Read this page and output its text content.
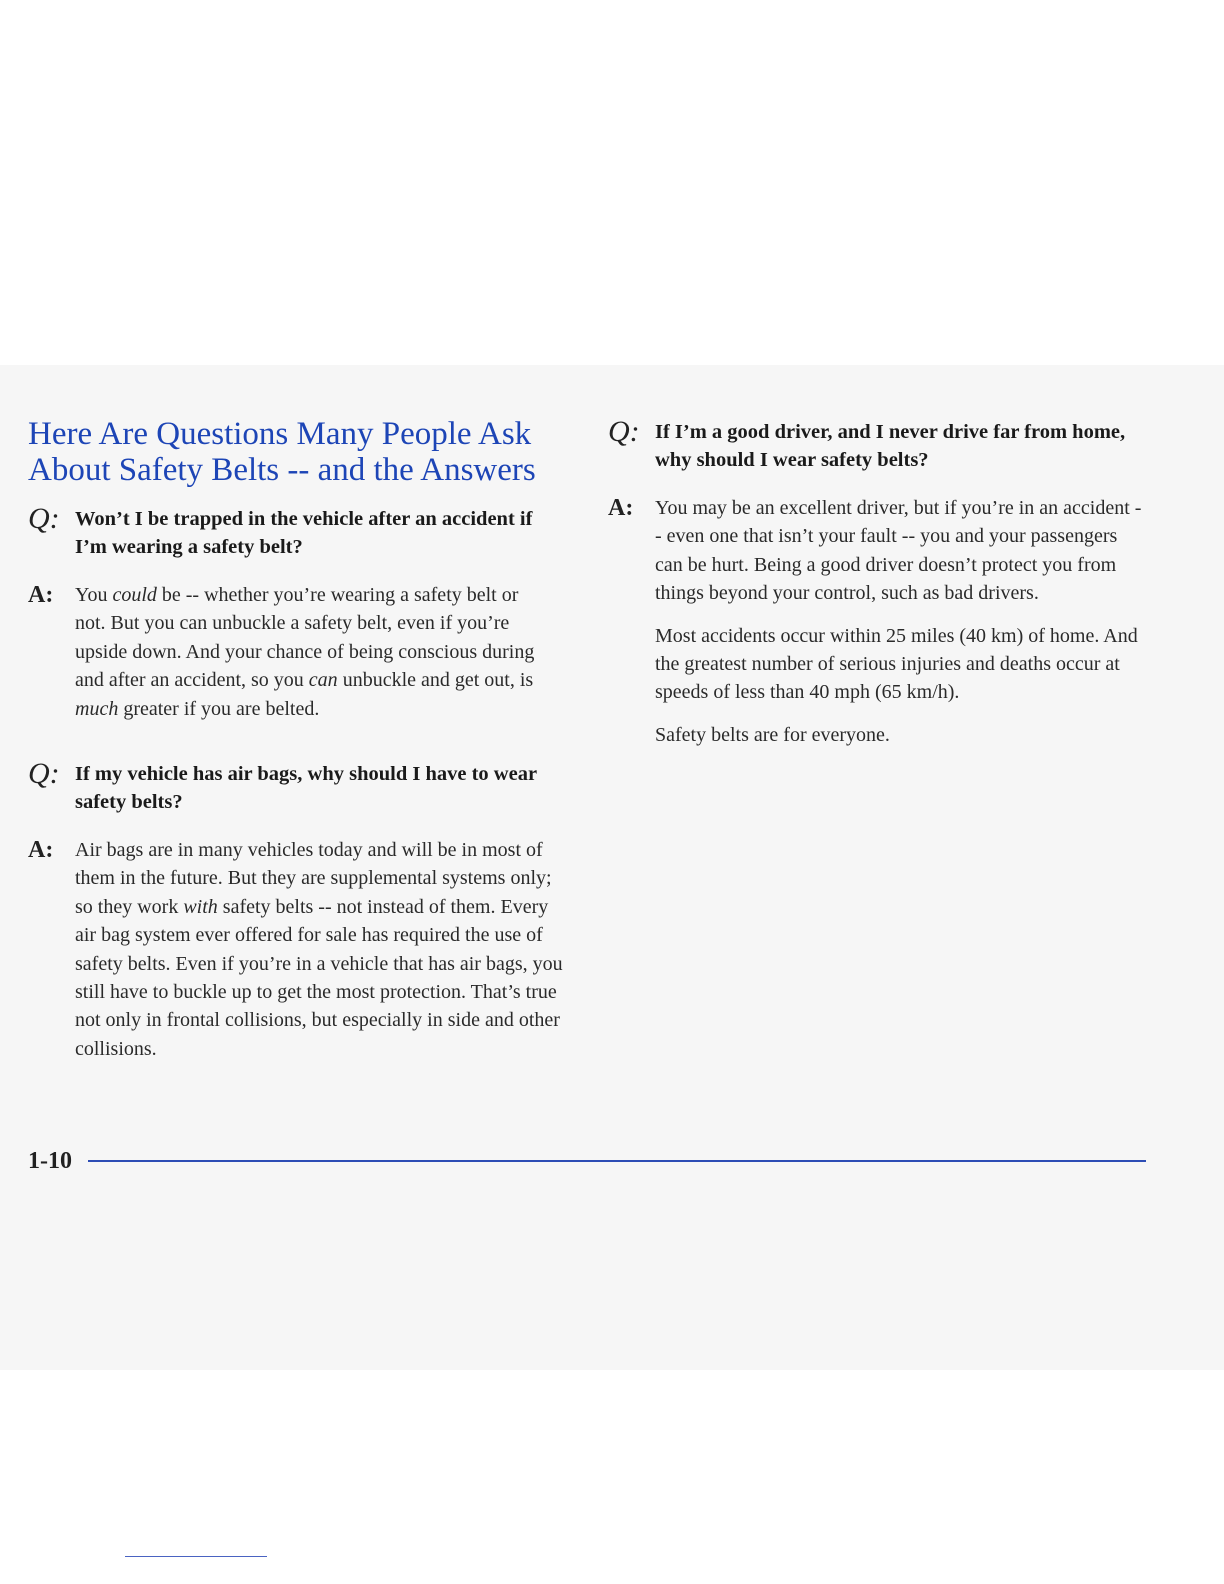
Here Are Questions Many People Ask
About Safety Belts -- and the Answers
Q: Won’t I be trapped in the vehicle after an accident if I’m wearing a safety belt?

A: You could be -- whether you’re wearing a safety belt or not. But you can unbuckle a safety belt, even if you’re upside down. And your chance of being conscious during and after an accident, so you can unbuckle and get out, is much greater if you are belted.

Q: If my vehicle has air bags, why should I have to wear safety belts?

A: Air bags are in many vehicles today and will be in most of them in the future. But they are supplemental systems only; so they work with safety belts -- not instead of them. Every air bag system ever offered for sale has required the use of safety belts. Even if you’re in a vehicle that has air bags, you still have to buckle up to get the most protection. That’s true not only in frontal collisions, but especially in side and other collisions.

Q: If I’m a good driver, and I never drive far from home, why should I wear safety belts?

A: You may be an excellent driver, but if you’re in an accident -- even one that isn’t your fault -- you and your passengers can be hurt. Being a good driver doesn’t protect you from things beyond your control, such as bad drivers.

Most accidents occur within 25 miles (40 km) of home. And the greatest number of serious injuries and deaths occur at speeds of less than 40 mph (65 km/h).

Safety belts are for everyone.

1-10
